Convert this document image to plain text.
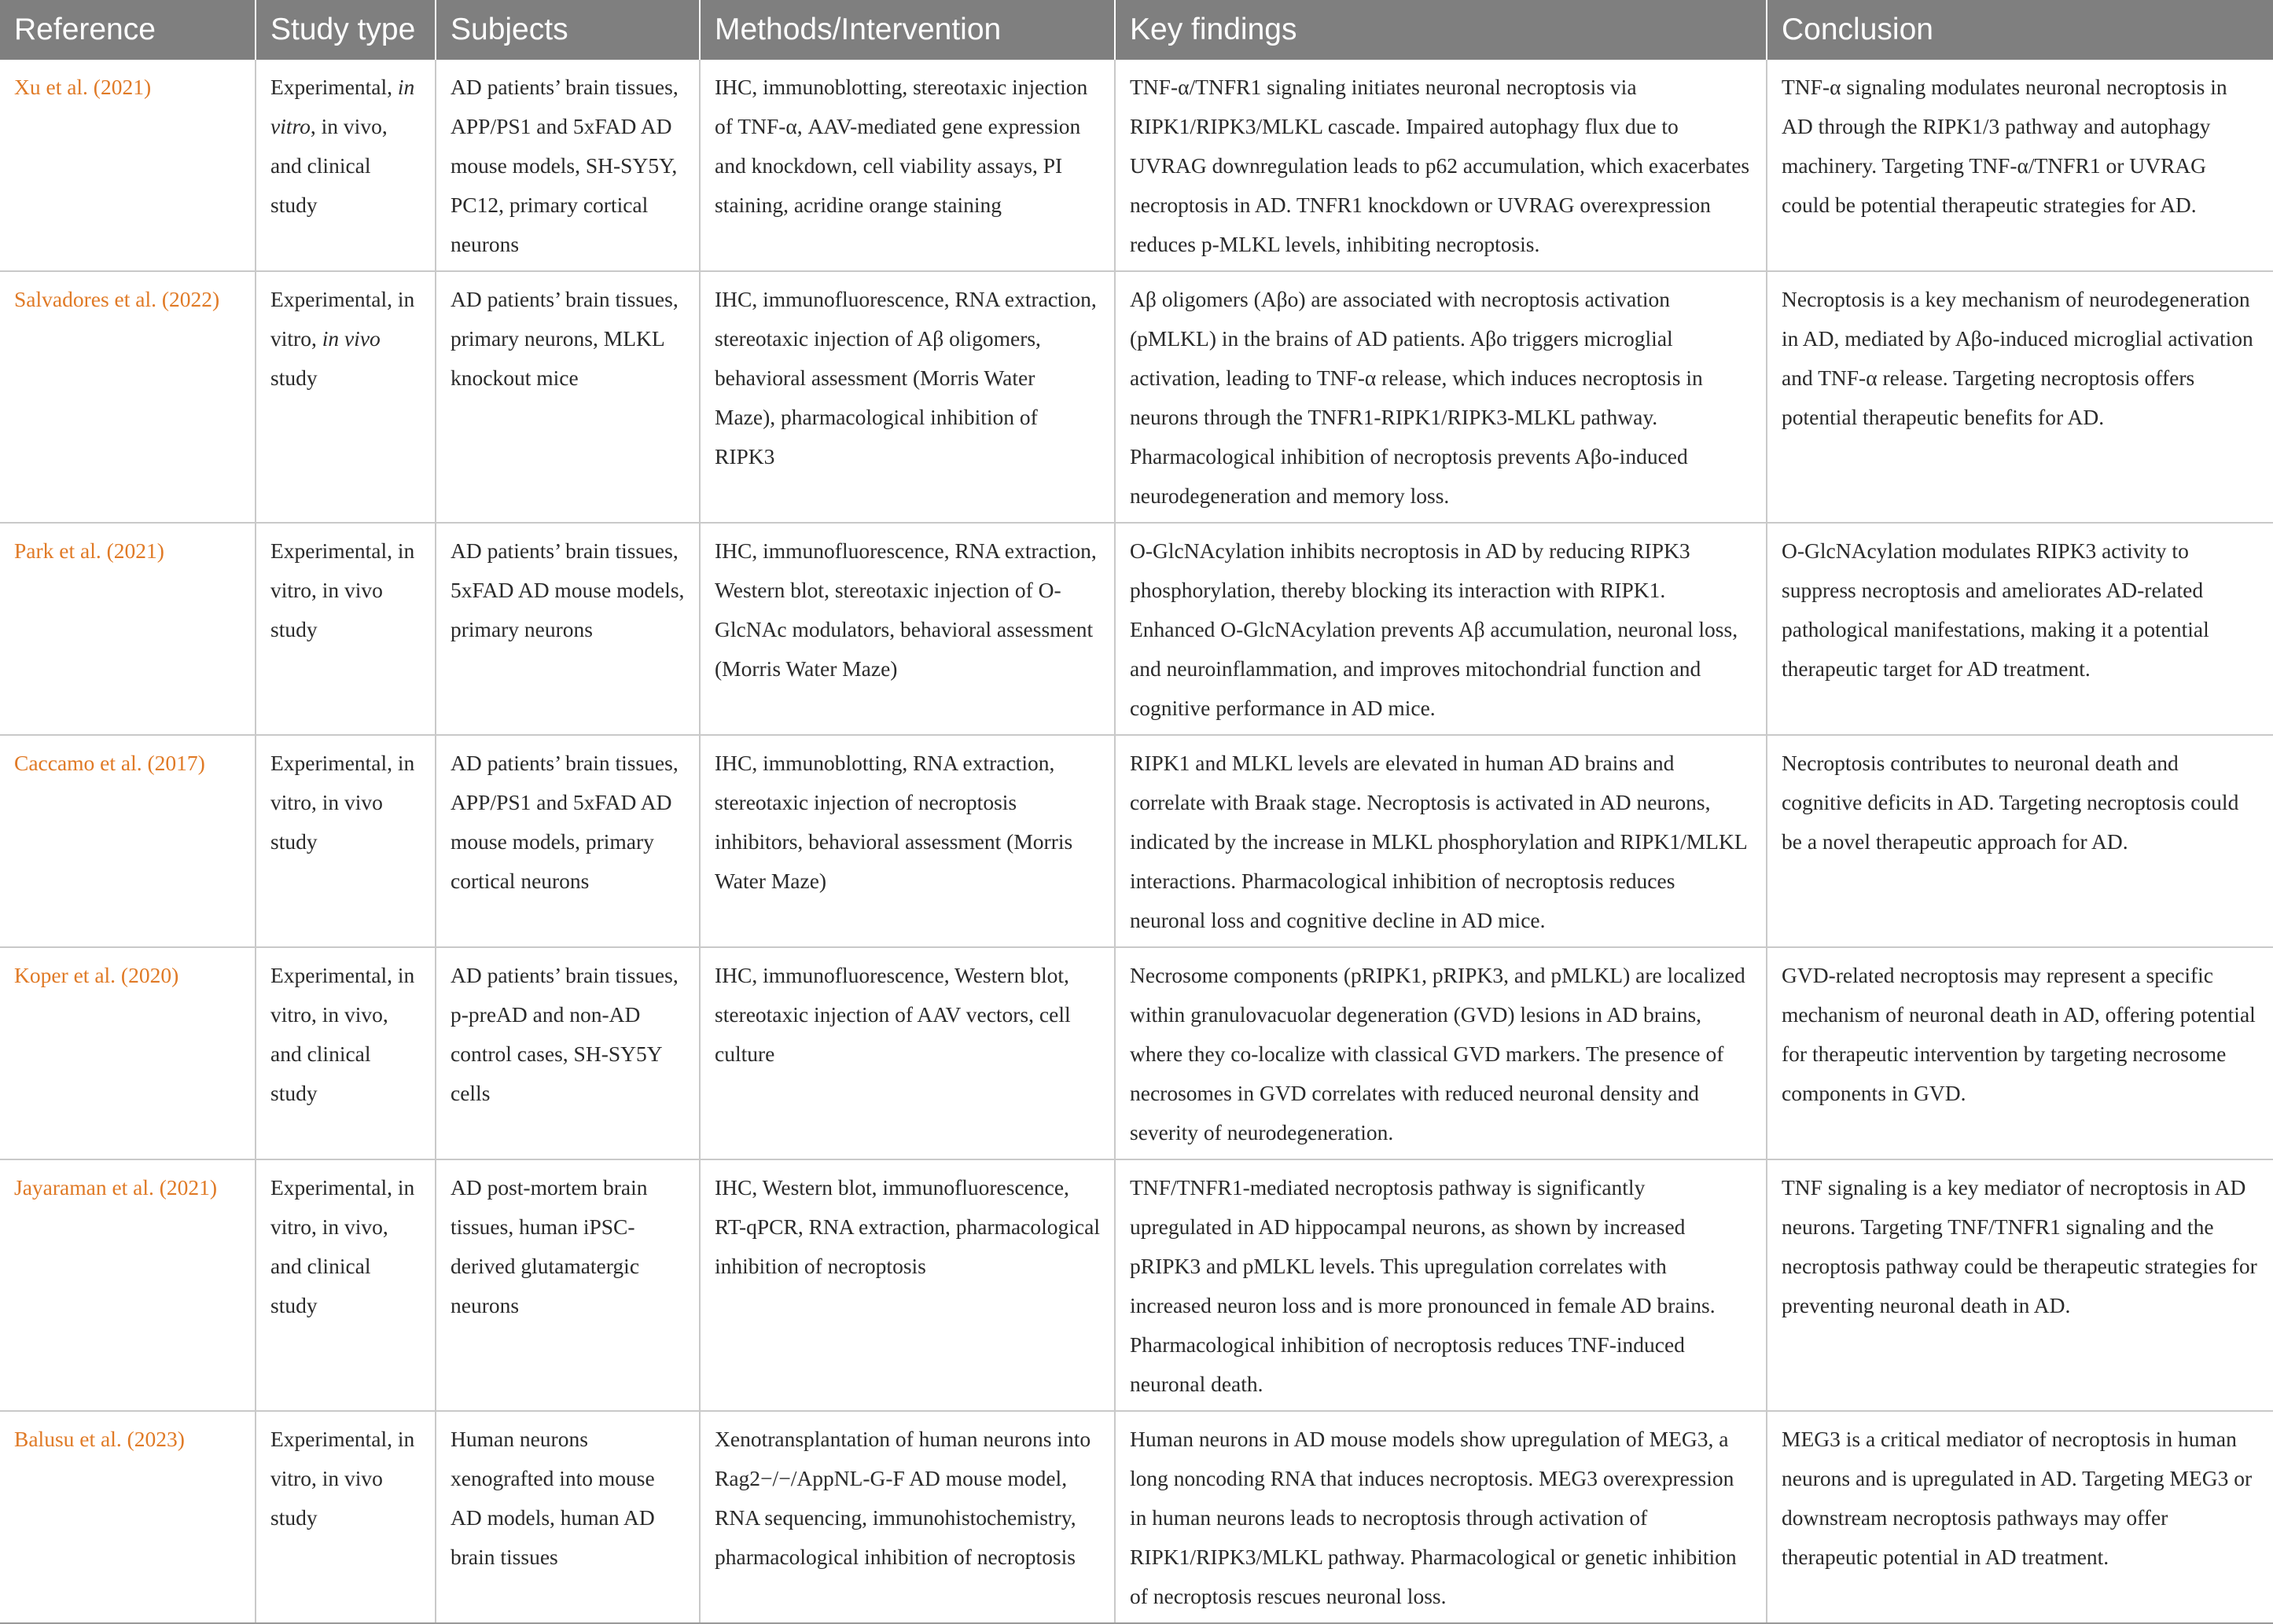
Reference	Study type	Subjects	Methods/Intervention	Key findings	Conclusion
Xu et al. (2021)	Experimental, in vitro, in vivo, and clinical study	AD patients’ brain tissues, APP/PS1 and 5xFAD AD mouse models, SH-SY5Y, PC12, primary cortical neurons	IHC, immunoblotting, stereotaxic injection of TNF-α, AAV-mediated gene expression and knockdown, cell viability assays, PI staining, acridine orange staining	TNF-α/TNFR1 signaling initiates neuronal necroptosis via RIPK1/RIPK3/MLKL cascade. Impaired autophagy flux due to UVRAG downregulation leads to p62 accumulation, which exacerbates necroptosis in AD. TNFR1 knockdown or UVRAG overexpression reduces p-MLKL levels, inhibiting necroptosis.	TNF-α signaling modulates neuronal necroptosis in AD through the RIPK1/3 pathway and autophagy machinery. Targeting TNF-α/TNFR1 or UVRAG could be potential therapeutic strategies for AD.
Salvadores et al. (2022)	Experimental, in vitro, in vivo study	AD patients’ brain tissues, primary neurons, MLKL knockout mice	IHC, immunofluorescence, RNA extraction, stereotaxic injection of Aβ oligomers, behavioral assessment (Morris Water Maze), pharmacological inhibition of RIPK3	Aβ oligomers (Aβo) are associated with necroptosis activation (pMLKL) in the brains of AD patients. Aβo triggers microglial activation, leading to TNF-α release, which induces necroptosis in neurons through the TNFR1-RIPK1/RIPK3-MLKL pathway. Pharmacological inhibition of necroptosis prevents Aβo-induced neurodegeneration and memory loss.	Necroptosis is a key mechanism of neurodegeneration in AD, mediated by Aβo-induced microglial activation and TNF-α release. Targeting necroptosis offers potential therapeutic benefits for AD.
Park et al. (2021)	Experimental, in vitro, in vivo study	AD patients’ brain tissues, 5xFAD AD mouse models, primary neurons	IHC, immunofluorescence, RNA extraction, Western blot, stereotaxic injection of O-GlcNAc modulators, behavioral assessment (Morris Water Maze)	O-GlcNAcylation inhibits necroptosis in AD by reducing RIPK3 phosphorylation, thereby blocking its interaction with RIPK1. Enhanced O-GlcNAcylation prevents Aβ accumulation, neuronal loss, and neuroinflammation, and improves mitochondrial function and cognitive performance in AD mice.	O-GlcNAcylation modulates RIPK3 activity to suppress necroptosis and ameliorates AD-related pathological manifestations, making it a potential therapeutic target for AD treatment.
Caccamo et al. (2017)	Experimental, in vitro, in vivo study	AD patients’ brain tissues, APP/PS1 and 5xFAD AD mouse models, primary cortical neurons	IHC, immunoblotting, RNA extraction, stereotaxic injection of necroptosis inhibitors, behavioral assessment (Morris Water Maze)	RIPK1 and MLKL levels are elevated in human AD brains and correlate with Braak stage. Necroptosis is activated in AD neurons, indicated by the increase in MLKL phosphorylation and RIPK1/MLKL interactions. Pharmacological inhibition of necroptosis reduces neuronal loss and cognitive decline in AD mice.	Necroptosis contributes to neuronal death and cognitive deficits in AD. Targeting necroptosis could be a novel therapeutic approach for AD.
Koper et al. (2020)	Experimental, in vitro, in vivo, and clinical study	AD patients’ brain tissues, p-preAD and non-AD control cases, SH-SY5Y cells	IHC, immunofluorescence, Western blot, stereotaxic injection of AAV vectors, cell culture	Necrosome components (pRIPK1, pRIPK3, and pMLKL) are localized within granulovacuolar degeneration (GVD) lesions in AD brains, where they co-localize with classical GVD markers. The presence of necrosomes in GVD correlates with reduced neuronal density and severity of neurodegeneration.	GVD-related necroptosis may represent a specific mechanism of neuronal death in AD, offering potential for therapeutic intervention by targeting necrosome components in GVD.
Jayaraman et al. (2021)	Experimental, in vitro, in vivo, and clinical study	AD post-mortem brain tissues, human iPSC-derived glutamatergic neurons	IHC, Western blot, immunofluorescence, RT-qPCR, RNA extraction, pharmacological inhibition of necroptosis	TNF/TNFR1-mediated necroptosis pathway is significantly upregulated in AD hippocampal neurons, as shown by increased pRIPK3 and pMLKL levels. This upregulation correlates with increased neuron loss and is more pronounced in female AD brains. Pharmacological inhibition of necroptosis reduces TNF-induced neuronal death.	TNF signaling is a key mediator of necroptosis in AD neurons. Targeting TNF/TNFR1 signaling and the necroptosis pathway could be therapeutic strategies for preventing neuronal death in AD.
Balusu et al. (2023)	Experimental, in vitro, in vivo study	Human neurons xenografted into mouse AD models, human AD brain tissues	Xenotransplantation of human neurons into Rag2−/−/AppNL-G-F AD mouse model, RNA sequencing, immunohistochemistry, pharmacological inhibition of necroptosis	Human neurons in AD mouse models show upregulation of MEG3, a long noncoding RNA that induces necroptosis. MEG3 overexpression in human neurons leads to necroptosis through activation of RIPK1/RIPK3/MLKL pathway. Pharmacological or genetic inhibition of necroptosis rescues neuronal loss.	MEG3 is a critical mediator of necroptosis in human neurons and is upregulated in AD. Targeting MEG3 or downstream necroptosis pathways may offer therapeutic potential in AD treatment.
